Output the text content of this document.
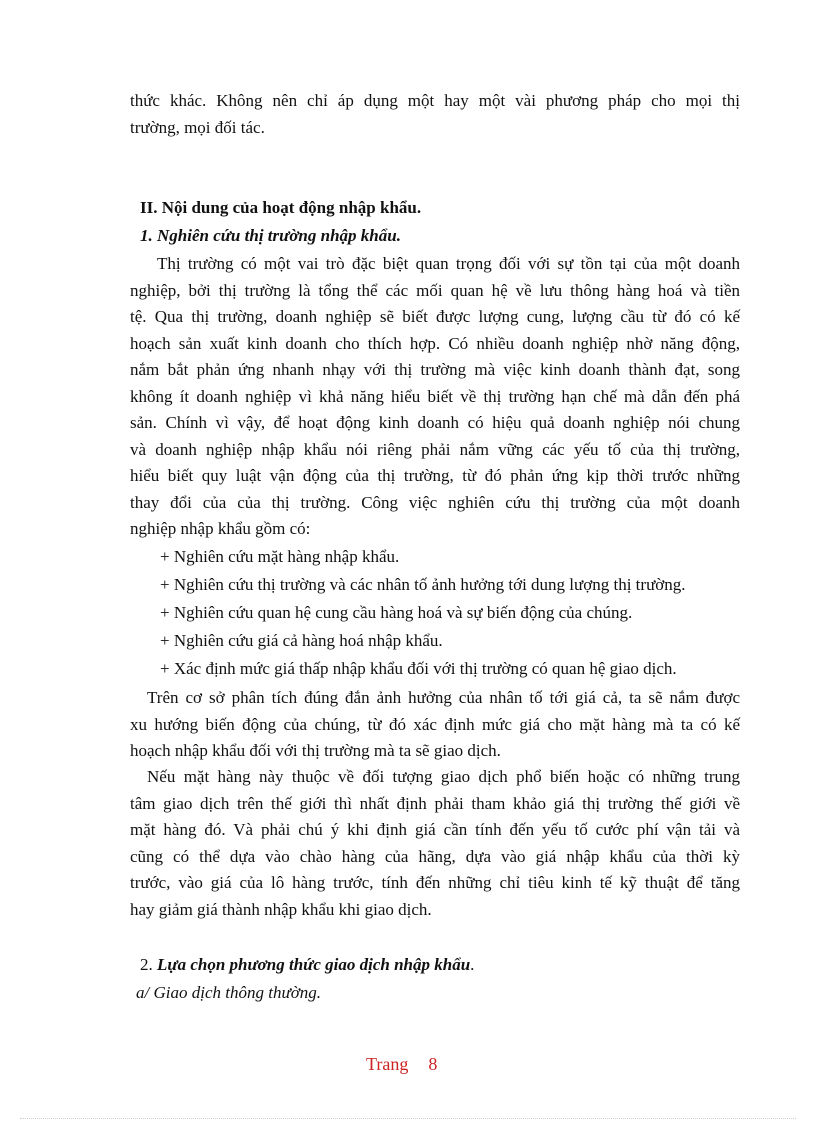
thức khác. Không nên chỉ áp dụng một hay một vài phương pháp cho mọi thị
trường, mọi đối tác.
II. Nội dung của hoạt động nhập khẩu.
1. Nghiên cứu thị trường nhập khẩu.
Thị trường có một vai trò đặc biệt quan trọng đối với sự tồn tại của một doanh
nghiệp, bởi thị trường là tổng thể các mối quan hệ về lưu thông hàng hoá và tiền
tệ. Qua thị trường, doanh nghiệp sẽ biết được lượng cung, lượng cầu từ đó có kế
hoạch sản xuất kinh doanh cho thích hợp. Có nhiều doanh nghiệp nhờ năng động,
nắm bắt phản ứng nhanh nhạy với thị trường mà việc kinh doanh thành đạt, song
không ít doanh nghiệp vì khả năng hiểu biết về thị trường hạn chế mà dẫn đến phá
sản. Chính vì vậy, để hoạt động kinh doanh có hiệu quả doanh nghiệp nói chung
và doanh nghiệp nhập khẩu nói riêng phải nắm vững các yếu tố của thị trường,
hiểu biết quy luật vận động của thị trường, từ đó phản ứng kịp thời trước những
thay đổi của của thị trường. Công việc nghiên cứu thị trường của một doanh
nghiệp nhập khẩu gồm có:
+ Nghiên cứu mặt hàng nhập khẩu.
+ Nghiên cứu thị trường và các nhân tố ảnh hưởng tới dung lượng thị trường.
+ Nghiên cứu quan hệ cung cầu hàng hoá và sự biến động của chúng.
+ Nghiên cứu giá cả hàng hoá nhập khẩu.
+ Xác định mức giá thấp nhập khẩu đối với thị trường có quan hệ giao dịch.
Trên cơ sở phân tích đúng đắn ảnh hưởng của nhân tố tới giá cả, ta sẽ nắm được
xu hướng biến động của chúng, từ đó xác định mức giá cho mặt hàng mà ta có kế
hoạch nhập khẩu đối với thị trường mà ta sẽ giao dịch.
Nếu mặt hàng này thuộc về đối tượng giao dịch phổ biến hoặc có những trung
tâm giao dịch trên thế giới thì nhất định phải tham khảo giá thị trường thế giới về
mặt hàng đó. Và phải chú ý khi định giá cần tính đến yếu tố cước phí vận tải và
cũng có thể dựa vào chào hàng của hãng, dựa vào giá nhập khẩu của thời kỳ
trước, vào giá của lô hàng trước, tính đến những chỉ tiêu kinh tế kỹ thuật để tăng
hay giảm giá thành nhập khẩu khi giao dịch.
2. Lựa chọn phương thức giao dịch nhập khẩu.
a/ Giao dịch thông thường.
Trang 8
